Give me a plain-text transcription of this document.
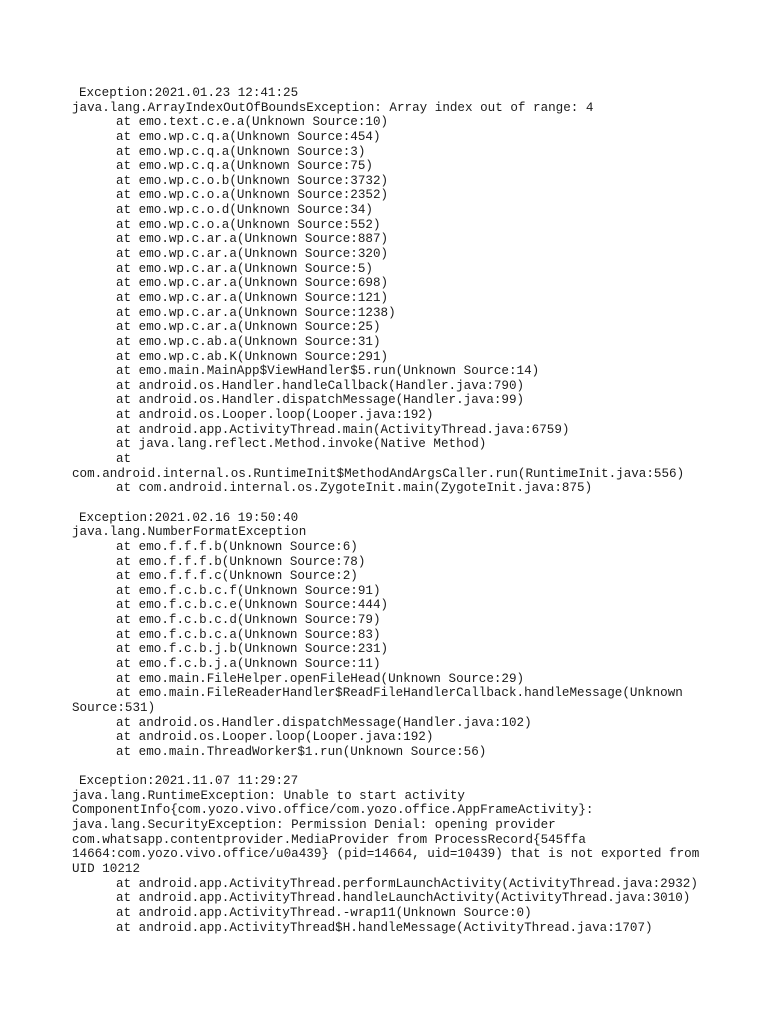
Exception:2021.01.23 12:41:25
java.lang.ArrayIndexOutOfBoundsException: Array index out of range: 4
at emo.text.c.e.a(Unknown Source:10)
at emo.wp.c.q.a(Unknown Source:454)
at emo.wp.c.q.a(Unknown Source:3)
at emo.wp.c.q.a(Unknown Source:75)
at emo.wp.c.o.b(Unknown Source:3732)
at emo.wp.c.o.a(Unknown Source:2352)
at emo.wp.c.o.d(Unknown Source:34)
at emo.wp.c.o.a(Unknown Source:552)
at emo.wp.c.ar.a(Unknown Source:887)
at emo.wp.c.ar.a(Unknown Source:320)
at emo.wp.c.ar.a(Unknown Source:5)
at emo.wp.c.ar.a(Unknown Source:698)
at emo.wp.c.ar.a(Unknown Source:121)
at emo.wp.c.ar.a(Unknown Source:1238)
at emo.wp.c.ar.a(Unknown Source:25)
at emo.wp.c.ab.a(Unknown Source:31)
at emo.wp.c.ab.K(Unknown Source:291)
at emo.main.MainApp$ViewHandler$5.run(Unknown Source:14)
at android.os.Handler.handleCallback(Handler.java:790)
at android.os.Handler.dispatchMessage(Handler.java:99)
at android.os.Looper.loop(Looper.java:192)
at android.app.ActivityThread.main(ActivityThread.java:6759)
at java.lang.reflect.Method.invoke(Native Method)
at
com.android.internal.os.RuntimeInit$MethodAndArgsCaller.run(RuntimeInit.java:556)
at com.android.internal.os.ZygoteInit.main(ZygoteInit.java:875)
Exception:2021.02.16 19:50:40
java.lang.NumberFormatException
at emo.f.f.f.b(Unknown Source:6)
at emo.f.f.f.b(Unknown Source:78)
at emo.f.f.f.c(Unknown Source:2)
at emo.f.c.b.c.f(Unknown Source:91)
at emo.f.c.b.c.e(Unknown Source:444)
at emo.f.c.b.c.d(Unknown Source:79)
at emo.f.c.b.c.a(Unknown Source:83)
at emo.f.c.b.j.b(Unknown Source:231)
at emo.f.c.b.j.a(Unknown Source:11)
at emo.main.FileHelper.openFileHead(Unknown Source:29)
at emo.main.FileReaderHandler$ReadFileHandlerCallback.handleMessage(Unknown
Source:531)
at android.os.Handler.dispatchMessage(Handler.java:102)
at android.os.Looper.loop(Looper.java:192)
at emo.main.ThreadWorker$1.run(Unknown Source:56)
Exception:2021.11.07 11:29:27
java.lang.RuntimeException: Unable to start activity
ComponentInfo{com.yozo.vivo.office/com.yozo.office.AppFrameActivity}:
java.lang.SecurityException: Permission Denial: opening provider
com.whatsapp.contentprovider.MediaProvider from ProcessRecord{545ffa
14664:com.yozo.vivo.office/u0a439} (pid=14664, uid=10439) that is not exported from
UID 10212
at android.app.ActivityThread.performLaunchActivity(ActivityThread.java:2932)
at android.app.ActivityThread.handleLaunchActivity(ActivityThread.java:3010)
at android.app.ActivityThread.-wrap11(Unknown Source:0)
at android.app.ActivityThread$H.handleMessage(ActivityThread.java:1707)
